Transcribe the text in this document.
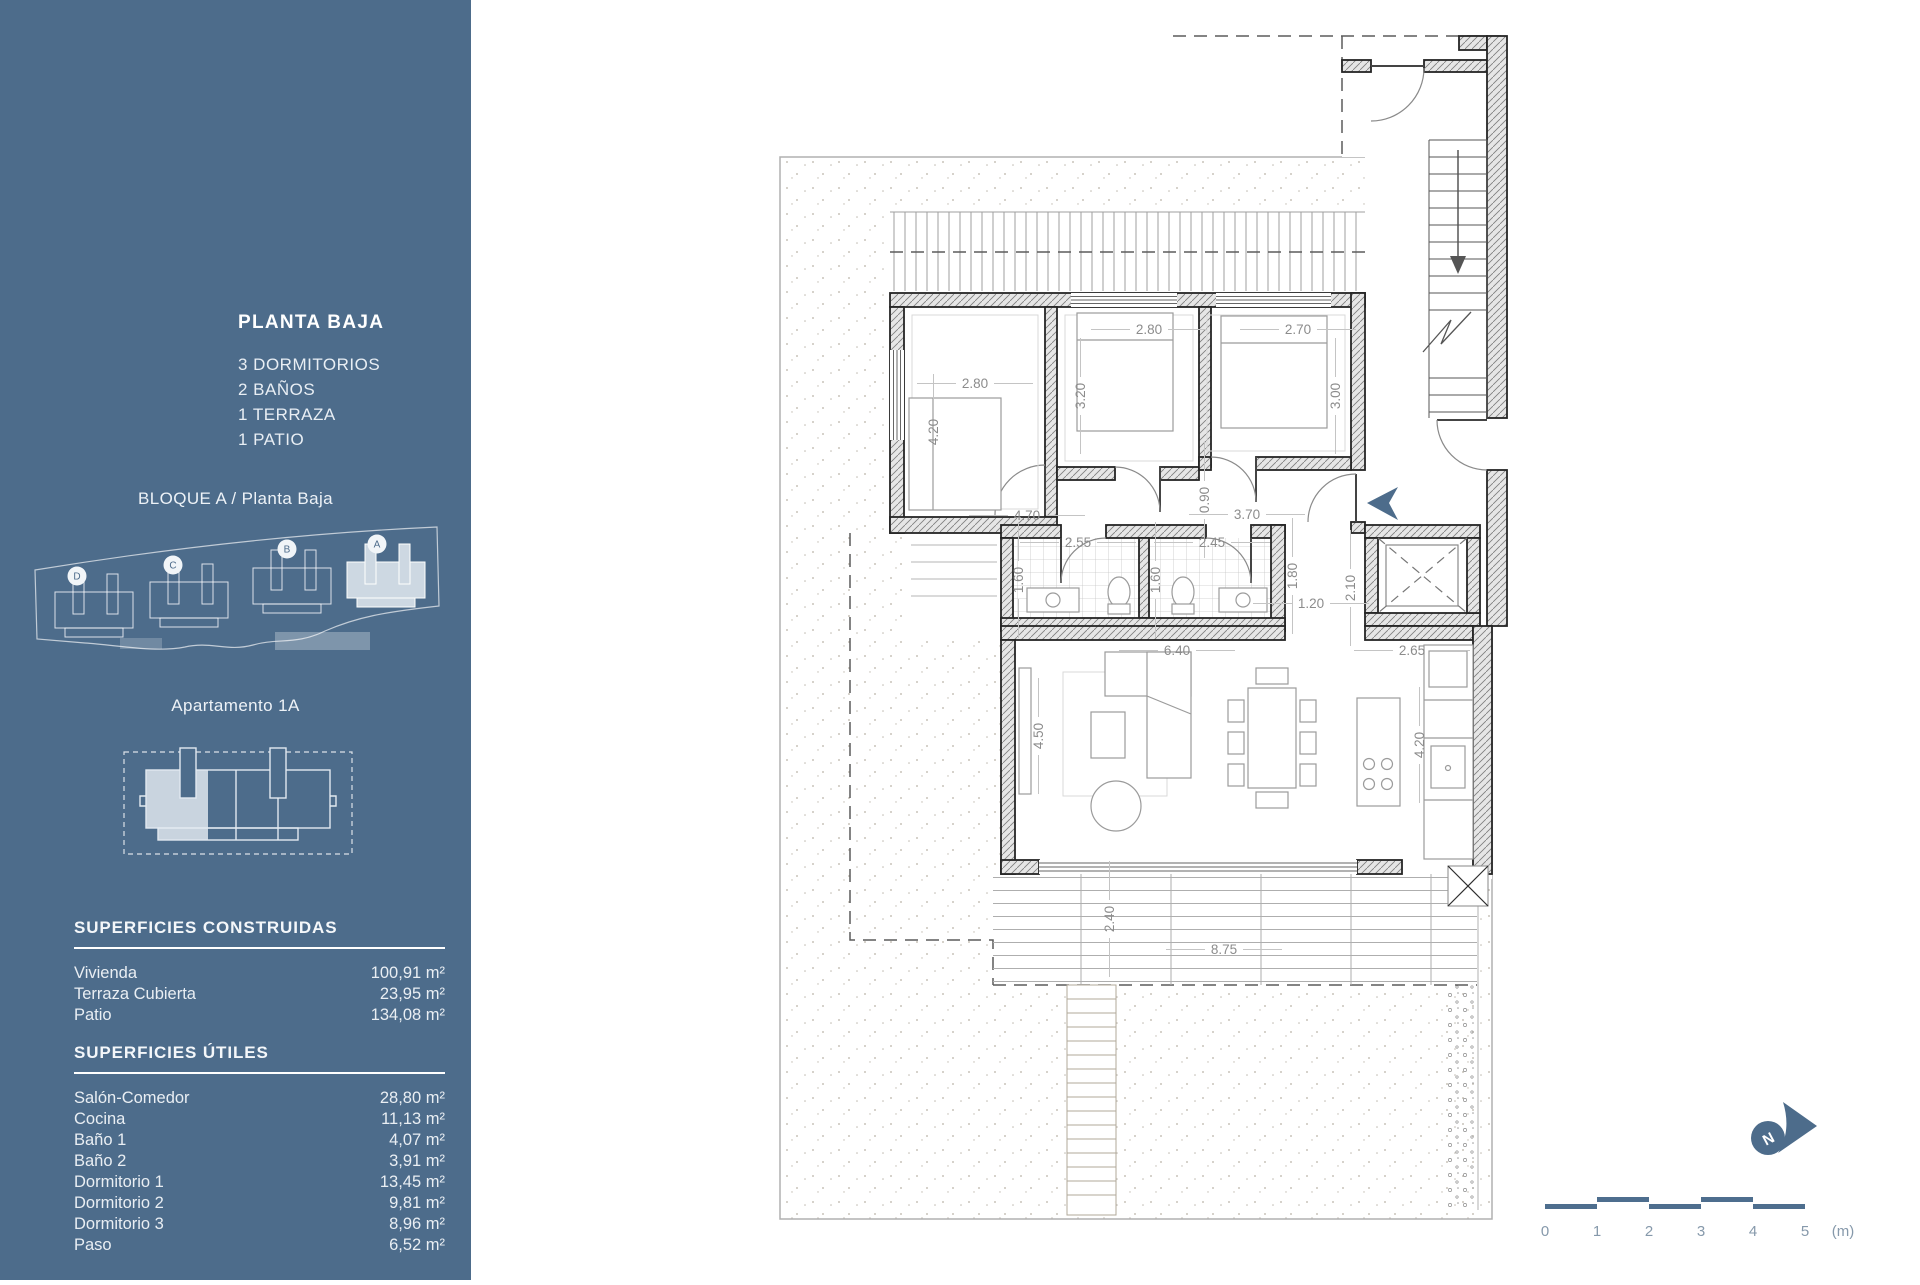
PLANTA BAJA
3 DORMITORIOS
2 BAÑOS
1 TERRAZA
1 PATIO
BLOQUE A / Planta Baja
D
C
B	A
Apartamento 1A
SUPERFICIES CONSTRUIDAS
Vivienda	100,91 m²
Terraza Cubierta	23,95 m²
Patio	134,08 m²
SUPERFICIES ÚTILES
Salón-Comedor	28,80 m²
Cocina	11,13 m²
Baño 1	4,07 m²
Baño 2	3,91 m²
Dormitorio 1	13,45 m²
Dormitorio 2	9,81 m²
Dormitorio 3	8,96 m²
Paso	6,52 m²
2.80
4.20
2.80
3.20
2.70
3.00
4.70
0.90
3.70
2.55	2.45
1.60	1.60	1.80	2.10
1.20
6.40	2.65
4.50	4.20
2.40
8.75
N
0	1	2	3	4	5 (m)
